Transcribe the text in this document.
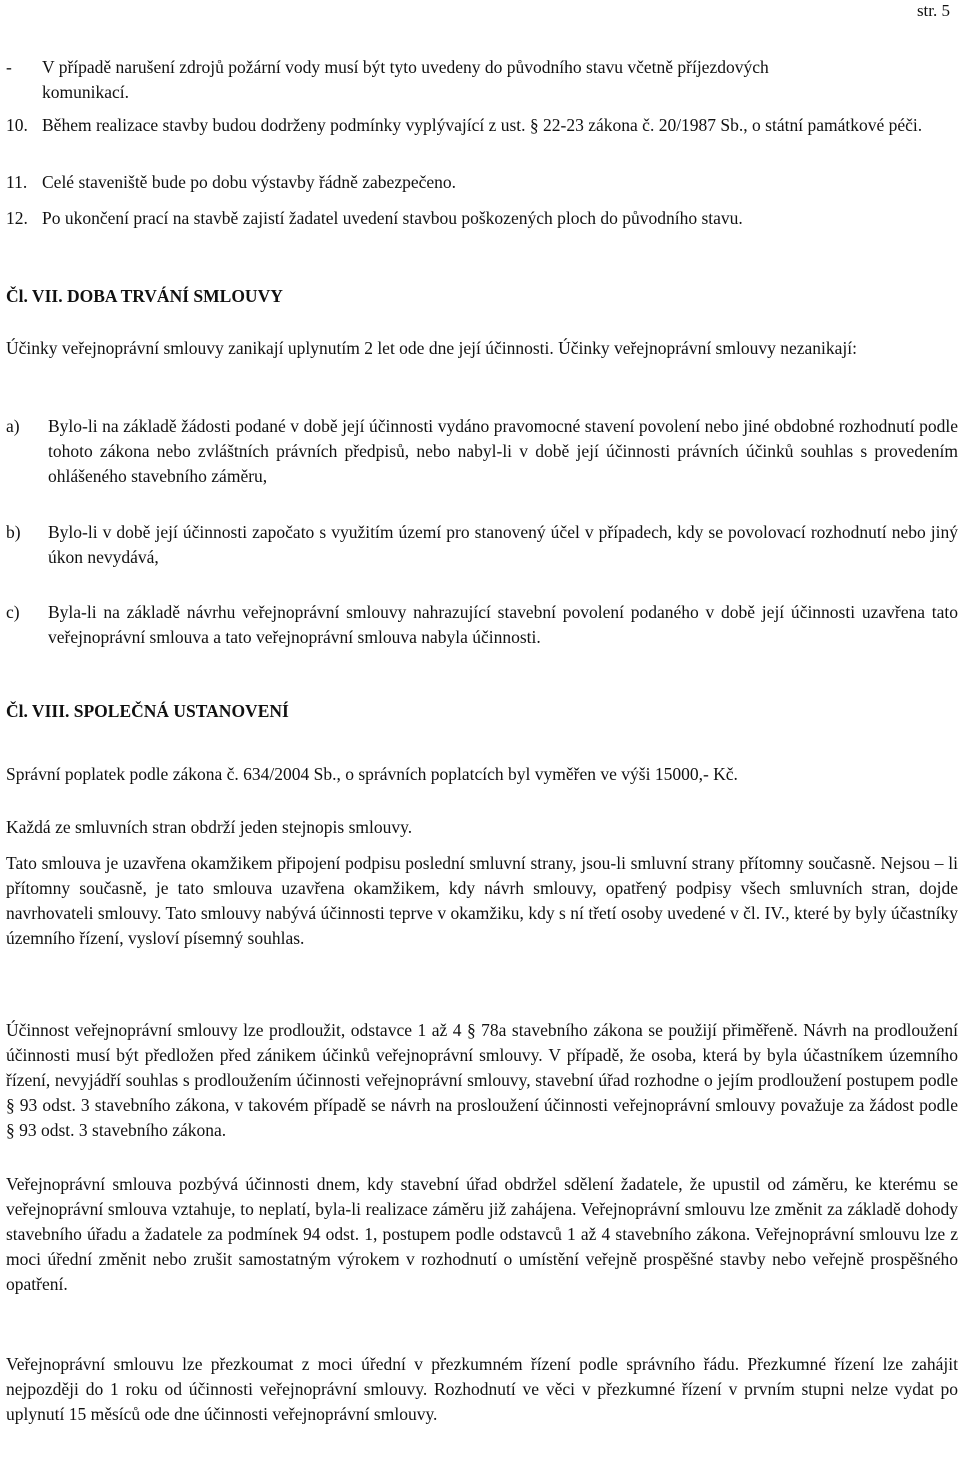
str. 5
-	V případě narušení zdrojů požární vody musí být tyto uvedeny do původního stavu včetně příjezdových komunikací.
10. Během realizace stavby budou dodrženy podmínky vyplývající z ust. § 22-23 zákona č. 20/1987 Sb., o státní památkové péči.
11. Celé staveniště bude po dobu výstavby řádně zabezpečeno.
12. Po ukončení prací na stavbě zajistí žadatel uvedení stavbou poškozených ploch do původního stavu.
Čl. VII. DOBA TRVÁNÍ SMLOUVY
Účinky veřejnoprávní smlouvy zanikají uplynutím 2 let ode dne její účinnosti. Účinky veřejnoprávní smlouvy nezanikají:
a)	Bylo-li na základě žádosti podané v době její účinnosti vydáno pravomocné stavení povolení nebo jiné obdobné rozhodnutí podle tohoto zákona nebo zvláštních právních předpisů, nebo nabyl-li v době její účinnosti právních účinků souhlas s provedením ohlášeného stavebního záměru,
b)	Bylo-li v době její účinnosti započato s využitím území pro stanovený účel v případech, kdy se povolovací rozhodnutí nebo jiný úkon nevydává,
c)	Byla-li na základě návrhu veřejnoprávní smlouvy nahrazující stavební povolení podaného v době její účinnosti uzavřena tato veřejnoprávní smlouva a tato veřejnoprávní smlouva nabyla účinnosti.
Čl. VIII. SPOLEČNÁ USTANOVENÍ
Správní poplatek podle zákona č. 634/2004 Sb., o správních poplatcích byl vyměřen ve výši 15000,- Kč.
Každá ze smluvních stran obdrží jeden stejnopis smlouvy.
Tato smlouva je uzavřena okamžikem připojení podpisu poslední smluvní strany, jsou-li smluvní strany přítomny současně. Nejsou – li přítomny současně, je tato smlouva uzavřena okamžikem, kdy návrh smlouvy, opatřený podpisy všech smluvních stran, dojde navrhovateli smlouvy. Tato smlouvy nabývá účinnosti teprve v okamžiku, kdy s ní třetí osoby uvedené v čl. IV., které by byly účastníky územního řízení, vysloví písemný souhlas.
Účinnost veřejnoprávní smlouvy lze prodloužit, odstavce 1 až 4 § 78a stavebního zákona se použijí přiměřeně. Návrh na prodloužení účinnosti musí být předložen před zánikem účinků veřejnoprávní smlouvy. V případě, že osoba, která by byla účastníkem územního řízení, nevyjádří souhlas s prodloužením účinnosti veřejnoprávní smlouvy, stavební úřad rozhodne o jejím prodloužení postupem podle § 93 odst. 3 stavebního zákona, v takovém případě se návrh na prosloužení účinnosti veřejnoprávní smlouvy považuje za žádost podle § 93 odst. 3 stavebního zákona.
Veřejnoprávní smlouva pozbývá účinnosti dnem, kdy stavební úřad obdržel sdělení žadatele, že upustil od záměru, ke kterému se veřejnoprávní smlouva vztahuje, to neplatí, byla-li realizace záměru již zahájena. Veřejnoprávní smlouvu lze změnit za základě dohody stavebního úřadu a žadatele za podmínek 94 odst. 1, postupem podle odstavců 1 až 4 stavebního zákona. Veřejnoprávní smlouvu lze z moci úřední změnit nebo zrušit samostatným výrokem v rozhodnutí o umístění veřejně prospěšné stavby nebo veřejně prospěšného opatření.
Veřejnoprávní smlouvu lze přezkoumat z moci úřední v přezkumném řízení podle správního řádu. Přezkumné řízení lze zahájit nejpozději do 1 roku od účinnosti veřejnoprávní smlouvy. Rozhodnutí ve věci v přezkumné řízení v prvním stupni nelze vydat po uplynutí 15 měsíců ode dne účinnosti veřejnoprávní smlouvy.
